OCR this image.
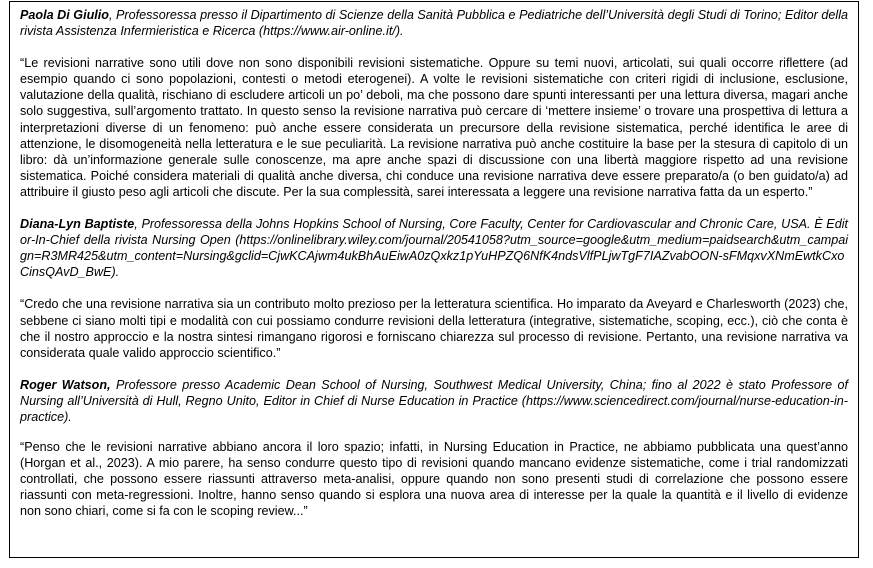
Paola Di Giulio, Professoressa presso il Dipartimento di Scienze della Sanità Pubblica e Pediatriche dell’Università degli Studi di Torino; Editor della rivista Assistenza Infermieristica e Ricerca (https://www.air-online.it/).

“Le revisioni narrative sono utili dove non sono disponibili revisioni sistematiche. Oppure su temi nuovi, articolati, sui quali occorre riflettere (ad esempio quando ci sono popolazioni, contesti o metodi eterogenei). A volte le revisioni sistematiche con criteri rigidi di inclusione, esclusione, valutazione della qualità, rischiano di escludere articoli un po’ deboli, ma che possono dare spunti interessanti per una lettura diversa, magari anche solo suggestiva, sull’argomento trattato. In questo senso la revisione narrativa può cercare di ‘mettere insieme’ o trovare una prospettiva di lettura a interpretazioni diverse di un fenomeno: può anche essere considerata un precursore della revisione sistematica, perché identifica le aree di attenzione, le disomogeneità nella letteratura e le sue peculiarità. La revisione narrativa può anche costituire la base per la stesura di capitolo di un libro: dà un’informazione generale sulle conoscenze, ma apre anche spazi di discussione con una libertà maggiore rispetto ad una revisione sistematica. Poiché considera materiali di qualità anche diversa, chi conduce una revisione narrativa deve essere preparato/a (o ben guidato/a) ad attribuire il giusto peso agli articoli che discute. Per la sua complessità, sarei interessata a leggere una revisione narrativa fatta da un esperto.”

Diana-Lyn Baptiste, Professoressa della Johns Hopkins School of Nursing, Core Faculty, Center for Cardiovascular and Chronic Care, USA. È Editor-In-Chief della rivista Nursing Open (https://onlinelibrary.wiley.com/journal/20541058?utm_source=google&utm_medium=paidsearch&utm_campaign=R3MR425&utm_content=Nursing&gclid=CjwKCAjwm4ukBhAuEiwA0zQxkz1pYuHPZQ6NfK4ndsVlfPLjwTgF7IAZvabOON-sFMqxvXNmEwtkCxoCinsQAvD_BwE).

“Credo che una revisione narrativa sia un contributo molto prezioso per la letteratura scientifica. Ho imparato da Aveyard e Charlesworth (2023) che, sebbene ci siano molti tipi e modalità con cui possiamo condurre revisioni della letteratura (integrative, sistematiche, scoping, ecc.), ciò che conta è che il nostro approccio e la nostra sintesi rimangano rigorosi e forniscano chiarezza sul processo di revisione. Pertanto, una revisione narrativa va considerata quale valido approccio scientifico.”

Roger Watson, Professore presso Academic Dean School of Nursing, Southwest Medical University, China; fino al 2022 è stato Professore of Nursing all’Università di Hull, Regno Unito, Editor in Chief di Nurse Education in Practice (https://www.sciencedirect.com/journal/nurse-education-in-practice).

“Penso che le revisioni narrative abbiano ancora il loro spazio; infatti, in Nursing Education in Practice, ne abbiamo pubblicata una quest’anno (Horgan et al., 2023). A mio parere, ha senso condurre questo tipo di revisioni quando mancano evidenze sistematiche, come i trial randomizzati controllati, che possono essere riassunti attraverso meta-analisi, oppure quando non sono presenti studi di correlazione che possono essere riassunti con meta-regressioni. Inoltre, hanno senso quando si esplora una nuova area di interesse per la quale la quantità e il livello di evidenze non sono chiari, come si fa con le scoping review...”
